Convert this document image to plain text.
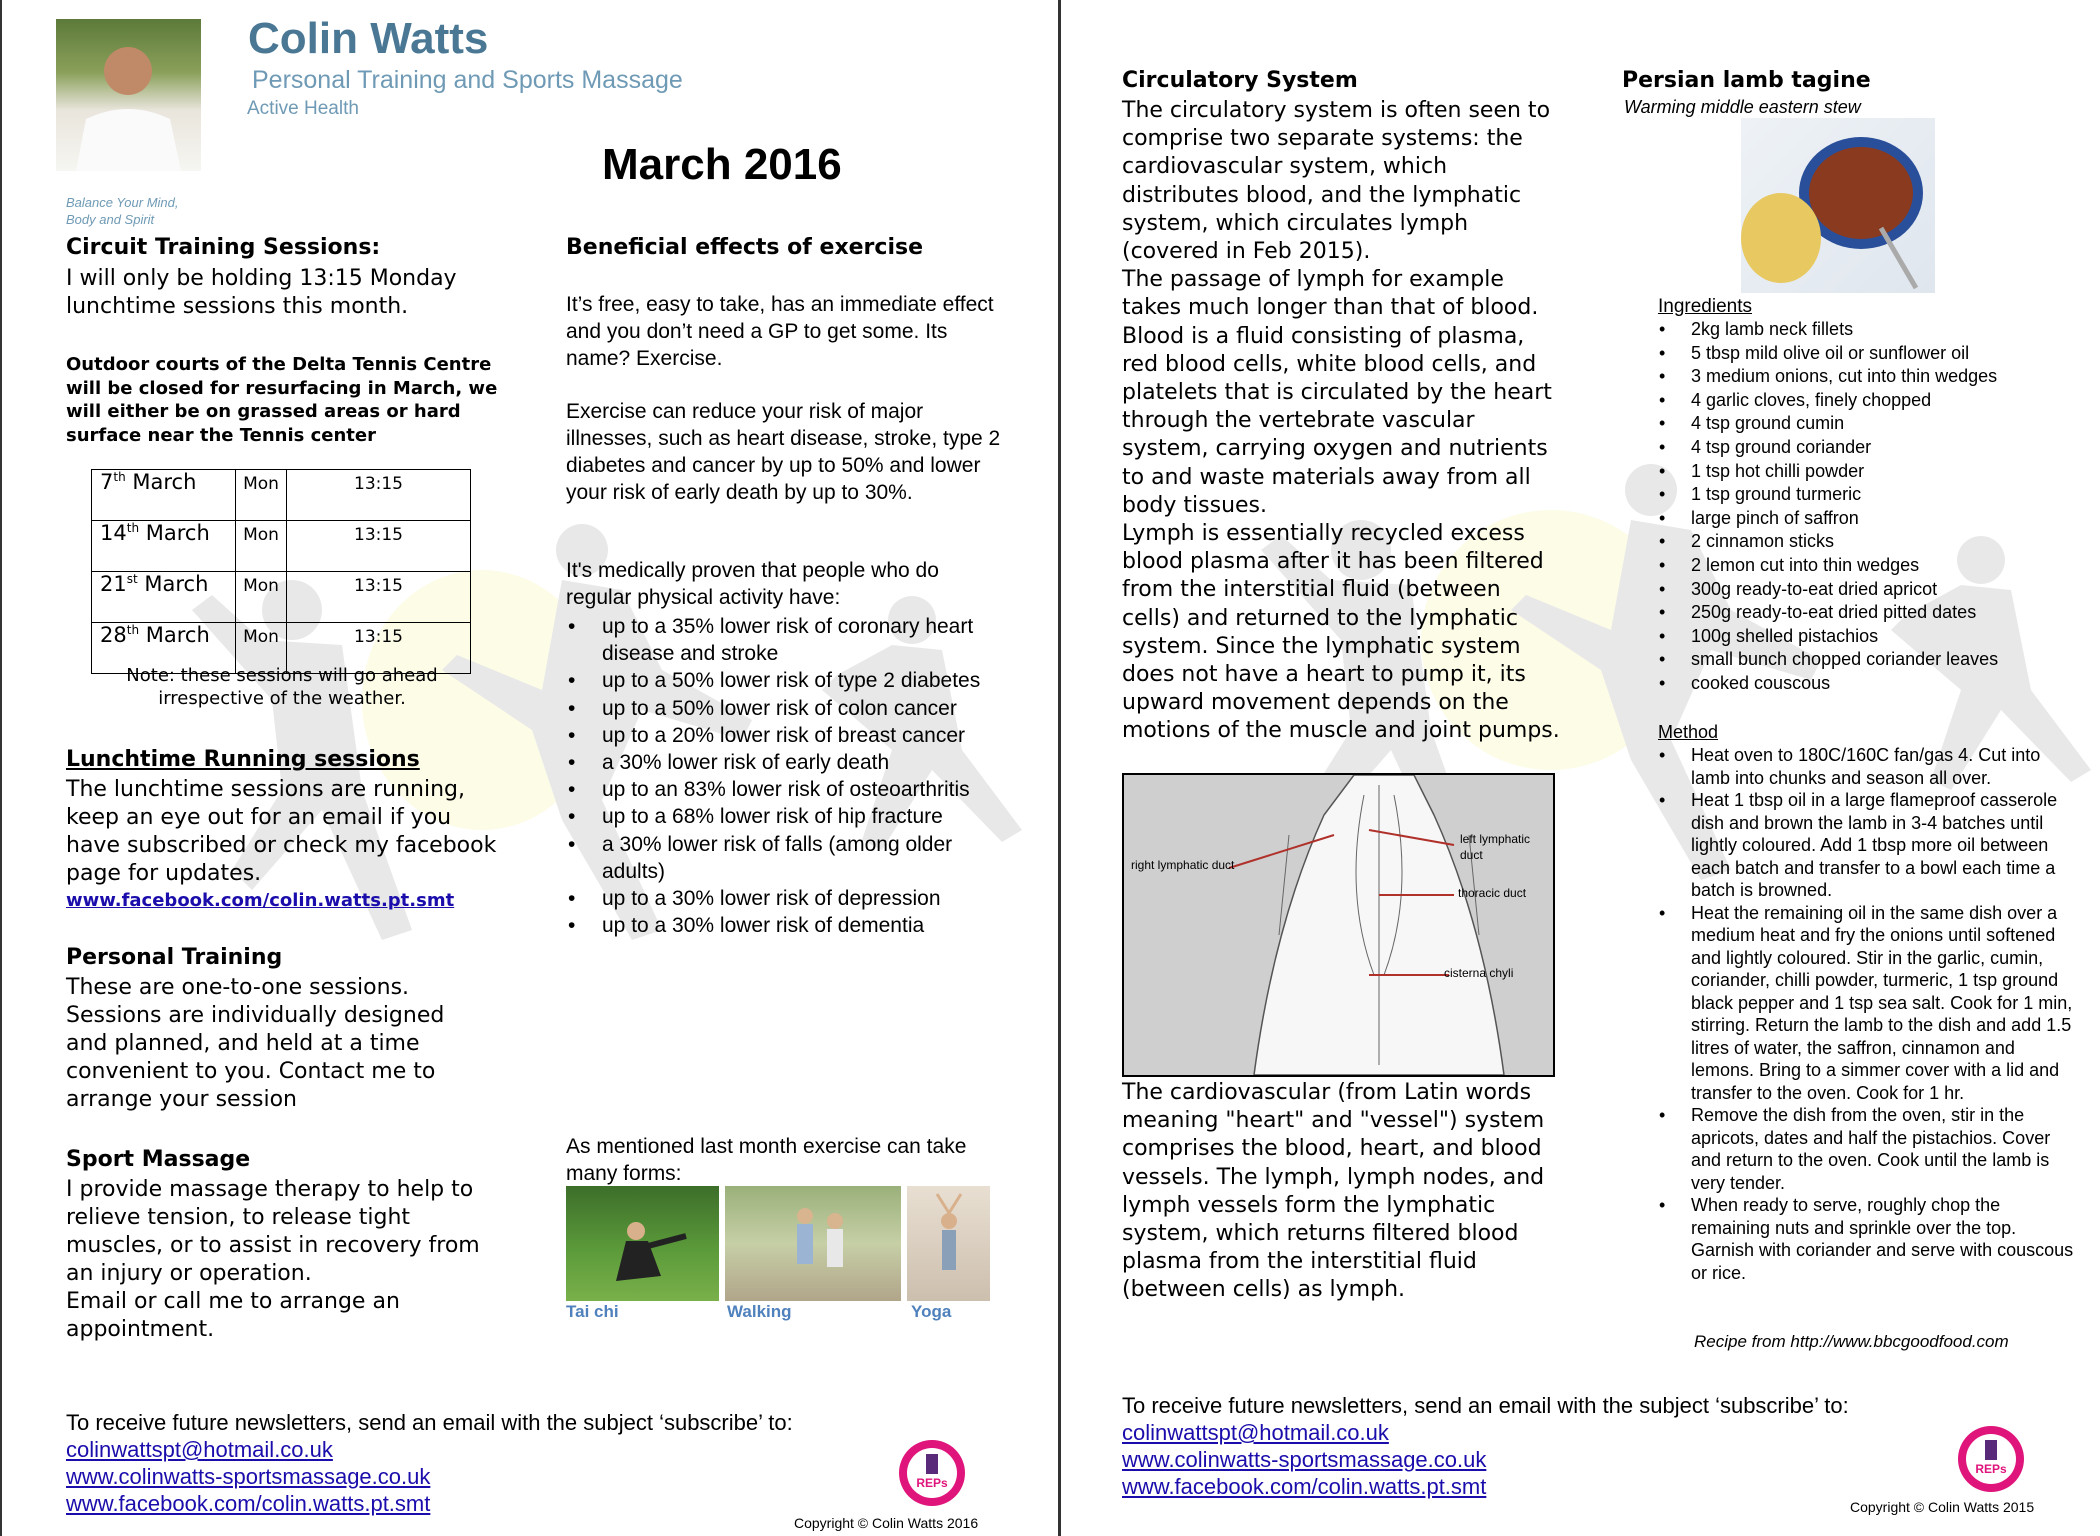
Colin Watts
Personal Training and Sports Massage
Active Health
Balance Your Mind, Body and Spirit
March 2016
Circuit Training Sessions:
I will only be holding 13:15 Monday lunchtime sessions this month.
Outdoor courts of the Delta Tennis Centre will be closed for resurfacing in March, we will either be on grassed areas or hard surface near the Tennis center
7th March	Mon	13:15
14th March	Mon	13:15
21st March	Mon	13:15
28th March	Mon	13:15
Note: these sessions will go ahead irrespective of the weather.
Lunchtime Running sessions
The lunchtime sessions are running, keep an eye out for an email if you have subscribed or check my facebook page for updates.
www.facebook.com/colin.watts.pt.smt
Personal Training
These are one-to-one sessions. Sessions are individually designed and planned, and held at a time convenient to you. Contact me to arrange your session
Sport Massage
I provide massage therapy to help to relieve tension, to release tight muscles, or to assist in recovery from an injury or operation.
Email or call me to arrange an appointment.
Beneficial effects of exercise
It’s free, easy to take, has an immediate effect and you don’t need a GP to get some. Its name? Exercise.
Exercise can reduce your risk of major illnesses, such as heart disease, stroke, type 2 diabetes and cancer by up to 50% and lower your risk of early death by up to 30%.
It's medically proven that people who do regular physical activity have:
• up to a 35% lower risk of coronary heart disease and stroke
• up to a 50% lower risk of type 2 diabetes
• up to a 50% lower risk of colon cancer
• up to a 20% lower risk of breast cancer
• a 30% lower risk of early death
• up to an 83% lower risk of osteoarthritis
• up to a 68% lower risk of hip fracture
• a 30% lower risk of falls (among older adults)
• up to a 30% lower risk of depression
• up to a 30% lower risk of dementia
As mentioned last month exercise can take many forms:
Tai chi	Walking	Yoga
To receive future newsletters, send an email with the subject ‘subscribe’ to:
colinwattspt@hotmail.co.uk
www.colinwatts-sportsmassage.co.uk
www.facebook.com/colin.watts.pt.smt
REPs
Copyright © Colin Watts 2016
Circulatory System
The circulatory system is often seen to comprise two separate systems: the cardiovascular system, which distributes blood, and the lymphatic system, which circulates lymph (covered in Feb 2015).
The passage of lymph for example takes much longer than that of blood. Blood is a fluid consisting of plasma, red blood cells, white blood cells, and platelets that is circulated by the heart through the vertebrate vascular system, carrying oxygen and nutrients to and waste materials away from all body tissues.
Lymph is essentially recycled excess blood plasma after it has been filtered from the interstitial fluid (between cells) and returned to the lymphatic system. Since the lymphatic system does not have a heart to pump it, its upward movement depends on the motions of the muscle and joint pumps.
right lymphatic duct
left lymphatic duct
thoracic duct
cisterna chyli
The cardiovascular (from Latin words meaning "heart" and "vessel") system comprises the blood, heart, and blood vessels. The lymph, lymph nodes, and lymph vessels form the lymphatic system, which returns filtered blood plasma from the interstitial fluid (between cells) as lymph.
Persian lamb tagine
Warming middle eastern stew
Ingredients
• 2kg lamb neck fillets
• 5 tbsp mild olive oil or sunflower oil
• 3 medium onions, cut into thin wedges
• 4 garlic cloves, finely chopped
• 4 tsp ground cumin
• 4 tsp ground coriander
• 1 tsp hot chilli powder
• 1 tsp ground turmeric
• large pinch of saffron
• 2 cinnamon sticks
• 2 lemon cut into thin wedges
• 300g ready-to-eat dried apricot
• 250g ready-to-eat dried pitted dates
• 100g shelled pistachios
• small bunch chopped coriander leaves
• cooked couscous
Method
• Heat oven to 180C/160C fan/gas 4. Cut into lamb into chunks and season all over.
• Heat 1 tbsp oil in a large flameproof casserole dish and brown the lamb in 3-4 batches until lightly coloured. Add 1 tbsp more oil between each batch and transfer to a bowl each time a batch is browned.
• Heat the remaining oil in the same dish over a medium heat and fry the onions until softened and lightly coloured. Stir in the garlic, cumin, coriander, chilli powder, turmeric, 1 tsp ground black pepper and 1 tsp sea salt. Cook for 1 min, stirring. Return the lamb to the dish and add 1.5 litres of water, the saffron, cinnamon and lemons. Bring to a simmer cover with a lid and transfer to the oven. Cook for 1 hr.
• Remove the dish from the oven, stir in the apricots, dates and half the pistachios. Cover and return to the oven. Cook until the lamb is very tender.
• When ready to serve, roughly chop the remaining nuts and sprinkle over the top. Garnish with coriander and serve with couscous or rice.
Recipe from http://www.bbcgoodfood.com
To receive future newsletters, send an email with the subject ‘subscribe’ to:
colinwattspt@hotmail.co.uk
www.colinwatts-sportsmassage.co.uk
www.facebook.com/colin.watts.pt.smt
REPs
Copyright © Colin Watts 2015
